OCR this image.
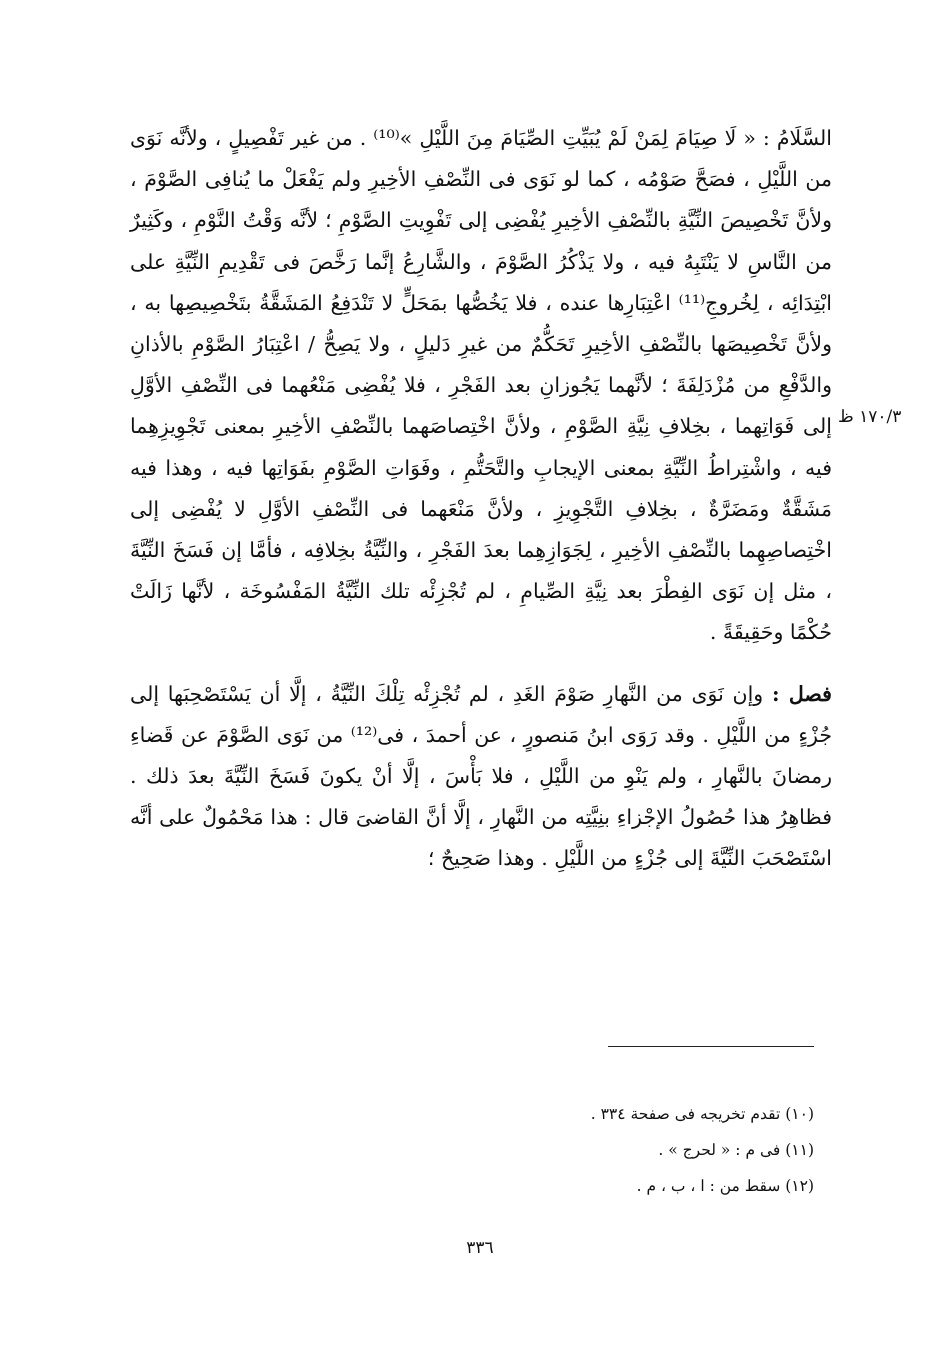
١٧٠/٣ ظ

السَّلَامُ : « لَا صِيَامَ لِمَنْ لَمْ يُبَيِّتِ الصِّيَامَ مِنَ اللَّيْلِ »⁽¹⁰⁾ . من غير تَفْصِيلٍ ، ولأنَّه نَوَى من اللَّيْلِ ، فصَحَّ صَوْمُه ، كما لو نَوَى فى النِّصْفِ الأخِيرِ ولم يَفْعَلْ ما يُنافِى الصَّوْمَ ، ولأنَّ تَخْصِيصَ النِّيَّةِ بالنِّصْفِ الأخِيرِ يُفْضِى إلى تَفْوِيتِ الصَّوْمِ ؛ لأنَّه وَقْتُ النَّوْمِ ، وكَثِيرٌ من النَّاسِ لا يَنْتَبِهُ فيه ، ولا يَذْكُرُ الصَّوْمَ ، والشَّارِعُ إنَّما رَخَّصَ فى تَقْدِيمِ النِّيَّةِ على ابْتِدَائِه ، لِخُروجِ⁽¹¹⁾ اعْتِبَارِها عنده ، فلا يَخُصُّها بمَحَلٍّ لا تَنْدَفِعُ المَشَقَّةُ بتَخْصِيصِها به ، ولأنَّ تَخْصِيصَها بالنِّصْفِ الأخِيرِ تَحَكُّمٌ من غيرِ دَليلٍ ، ولا يَصِحُّ / اعْتِبَارُ الصَّوْمِ بالأذانِ والدَّفْعِ من مُزْدَلِفَةَ ؛ لأنَّهما يَجُوزانِ بعد الفَجْرِ ، فلا يُفْضِى مَنْعُهما فى النِّصْفِ الأوَّلِ إلى فَوَاتِهما ، بخِلافِ نِيَّةِ الصَّوْمِ ، ولأنَّ اخْتِصاصَهما بالنِّصْفِ الأخِيرِ بمعنى تَجْوِيزِهِما فيه ، واشْتِراطُ النِّيَّةِ بمعنى الإيجابِ والتَّحَتُّمِ ، وفَوَاتِ الصَّوْمِ بفَوَاتِها فيه ، وهذا فيه مَشَقَّةٌ ومَضَرَّةٌ ، بخِلافِ التَّجْوِيزِ ، ولأنَّ مَنْعَهما فى النِّصْفِ الأوَّلِ لا يُفْضِى إلى اخْتِصاصِهِما بالنِّصْفِ الأخِيرِ ، لِجَوَازِهِما بعدَ الفَجْرِ ، والنِّيَّةُ بخِلافِه ، فأمَّا إن فَسَخَ النِّيَّةَ ، مثل إن نَوَى الفِطْرَ بعد نِيَّةِ الصِّيامِ ، لم تُجْزِئْه تلك النِّيَّةُ المَفْسُوخَة ، لأنَّها زَالَتْ حُكْمًا وحَقِيقَةً .

فصل : وإن نَوَى من النَّهارِ صَوْمَ الغَدِ ، لم تُجْزِئْه تِلْكَ النِّيَّةُ ، إلَّا أن يَسْتَصْحِبَها إلى جُزْءٍ من اللَّيْلِ . وقد رَوَى ابنُ مَنصورٍ ، عن أحمدَ ، فى⁽¹²⁾ من نَوَى الصَّوْمَ عن قَضاءِ رمضانَ بالنَّهارِ ، ولم يَنْوِ من اللَّيْلِ ، فلا بَأْسَ ، إلَّا أنْ يكونَ فَسَخَ النِّيَّةَ بعدَ ذلك . فظاهِرُ هذا حُصُولُ الإجْزاءِ بنِيَّتِه من النَّهارِ ، إلَّا أنَّ القاضىَ قال : هذا مَحْمُولٌ على أنَّه اسْتَصْحَبَ النِّيَّةَ إلى جُزْءٍ من اللَّيْلِ . وهذا صَحِيحٌ ؛

(١٠) تقدم تخريجه فى صفحة ٣٣٤ .

(١١) فى م : « لحرج » .

(١٢) سقط من : ا ، ب ، م .

٣٣٦
